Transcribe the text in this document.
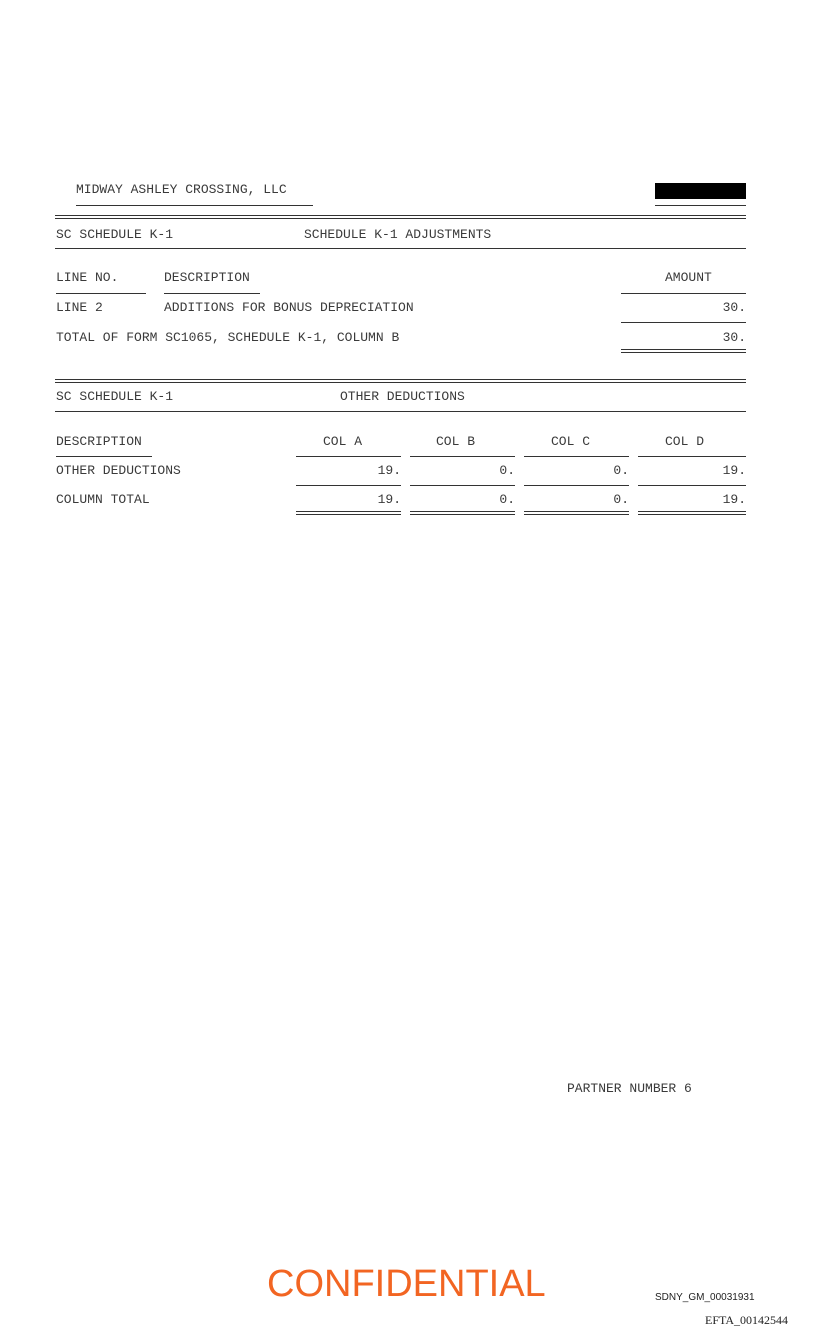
MIDWAY ASHLEY CROSSING, LLC
SC SCHEDULE K-1	SCHEDULE K-1 ADJUSTMENTS
LINE NO.	DESCRIPTION	AMOUNT
LINE 2	ADDITIONS FOR BONUS DEPRECIATION	30.
TOTAL OF FORM SC1065, SCHEDULE K-1, COLUMN B	30.
SC SCHEDULE K-1	OTHER DEDUCTIONS
DESCRIPTION	COL A	COL B	COL C	COL D
OTHER DEDUCTIONS	19.	0.	0.	19.
COLUMN TOTAL	19.	0.	0.	19.
PARTNER NUMBER 6
CONFIDENTIAL	SDNY_GM_00031931
EFTA_00142544
